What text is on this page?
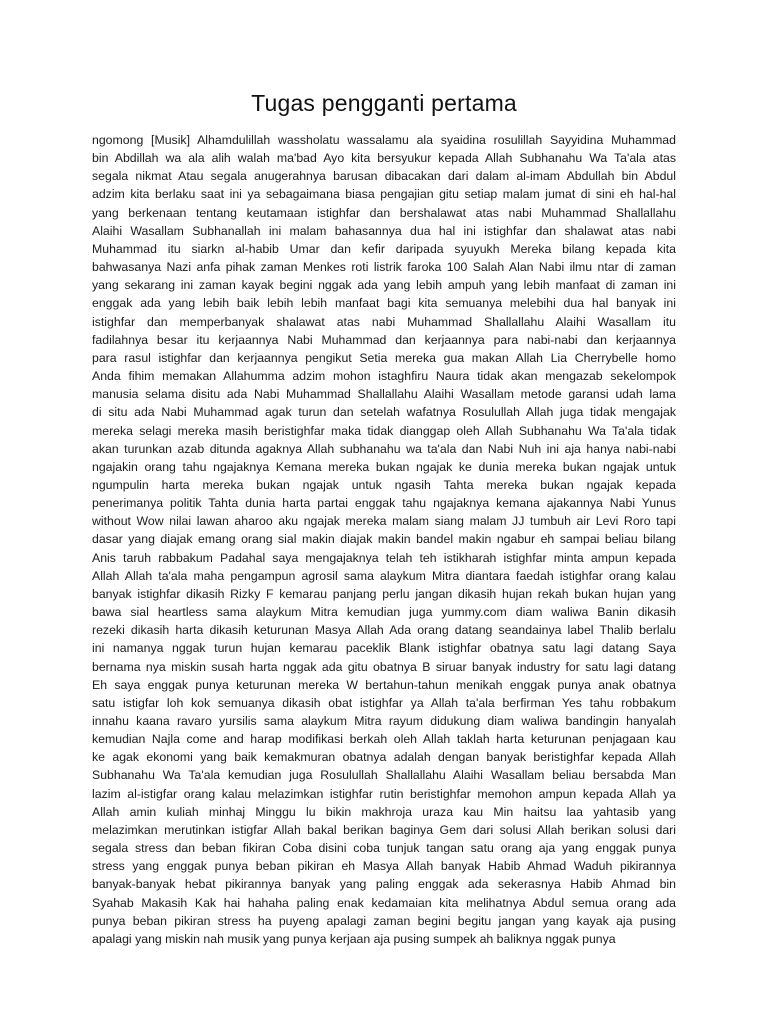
Tugas pengganti pertama
ngomong [Musik] Alhamdulillah wassholatu wassalamu ala syaidina rosulillah Sayyidina Muhammad
bin Abdillah wa ala alih walah ma'bad Ayo kita bersyukur kepada Allah Subhanahu Wa Ta'ala atas
segala nikmat Atau segala anugerahnya barusan dibacakan dari dalam al-imam Abdullah bin Abdul
adzim kita berlaku saat ini ya sebagaimana biasa pengajian gitu setiap malam jumat di sini eh hal-hal
yang berkenaan tentang keutamaan istighfar dan bershalawat atas nabi Muhammad Shallallahu
Alaihi Wasallam Subhanallah ini malam bahasannya dua hal ini istighfar dan shalawat atas nabi
Muhammad itu siarkn al-habib Umar dan kefir daripada syuyukh Mereka bilang kepada kita
bahwasanya Nazi anfa pihak zaman Menkes roti listrik faroka 100 Salah Alan Nabi ilmu ntar di zaman
yang sekarang ini zaman kayak begini nggak ada yang lebih ampuh yang lebih manfaat di zaman ini
enggak ada yang lebih baik lebih lebih manfaat bagi kita semuanya melebihi dua hal banyak ini
istighfar dan memperbanyak shalawat atas nabi Muhammad Shallallahu Alaihi Wasallam itu
fadilahnya besar itu kerjaannya Nabi Muhammad dan kerjaannya para nabi-nabi dan kerjaannya
para rasul istighfar dan kerjaannya pengikut Setia mereka gua makan Allah Lia Cherrybelle homo
Anda fihim memakan Allahumma adzim mohon istaghfiru Naura tidak akan mengazab sekelompok
manusia selama disitu ada Nabi Muhammad Shallallahu Alaihi Wasallam metode garansi udah lama
di situ ada Nabi Muhammad agak turun dan setelah wafatnya Rosulullah Allah juga tidak mengajak
mereka selagi mereka masih beristighfar maka tidak dianggap oleh Allah Subhanahu Wa Ta'ala tidak
akan turunkan azab ditunda agaknya Allah subhanahu wa ta'ala dan Nabi Nuh ini aja hanya nabi-nabi
ngajakin orang tahu ngajaknya Kemana mereka bukan ngajak ke dunia mereka bukan ngajak untuk
ngumpulin harta mereka bukan ngajak untuk ngasih Tahta mereka bukan ngajak kepada
penerimanya politik Tahta dunia harta partai enggak tahu ngajaknya kemana ajakannya Nabi Yunus
without Wow nilai lawan aharoo aku ngajak mereka malam siang malam JJ tumbuh air Levi Roro tapi
dasar yang diajak emang orang sial makin diajak makin bandel makin ngabur eh sampai beliau bilang
Anis taruh rabbakum Padahal saya mengajaknya telah teh istikharah istighfar minta ampun kepada
Allah Allah ta'ala maha pengampun agrosil sama alaykum Mitra diantara faedah istighfar orang kalau
banyak istighfar dikasih Rizky F kemarau panjang perlu jangan dikasih hujan rekah bukan hujan yang
bawa sial heartless sama alaykum Mitra kemudian juga yummy.com diam waliwa Banin dikasih
rezeki dikasih harta dikasih keturunan Masya Allah Ada orang datang seandainya label Thalib berlalu
ini namanya nggak turun hujan kemarau paceklik Blank istighfar obatnya satu lagi datang Saya
bernama nya miskin susah harta nggak ada gitu obatnya B siruar banyak industry for satu lagi datang
Eh saya enggak punya keturunan mereka W bertahun-tahun menikah enggak punya anak obatnya
satu istigfar loh kok semuanya dikasih obat istighfar ya Allah ta'ala berfirman Yes tahu robbakum
innahu kaana ravaro yursilis sama alaykum Mitra rayum didukung diam waliwa bandingin hanyalah
kemudian Najla come and harap modifikasi berkah oleh Allah taklah harta keturunan penjagaan kau
ke agak ekonomi yang baik kemakmuran obatnya adalah dengan banyak beristighfar kepada Allah
Subhanahu Wa Ta'ala kemudian juga Rosulullah Shallallahu Alaihi Wasallam beliau bersabda Man
lazim al-istigfar orang kalau melazimkan istighfar rutin beristighfar memohon ampun kepada Allah ya
Allah amin kuliah minhaj Minggu lu bikin makhroja uraza kau Min haitsu laa yahtasib yang
melazimkan merutinkan istigfar Allah bakal berikan baginya Gem dari solusi Allah berikan solusi dari
segala stress dan beban fikiran Coba disini coba tunjuk tangan satu orang aja yang enggak punya
stress yang enggak punya beban pikiran eh Masya Allah banyak Habib Ahmad Waduh pikirannya
banyak-banyak hebat pikirannya banyak yang paling enggak ada sekerasnya Habib Ahmad bin
Syahab Makasih Kak hai hahaha paling enak kedamaian kita melihatnya Abdul semua orang ada
punya beban pikiran stress ha puyeng apalagi zaman begini begitu jangan yang kayak aja pusing
apalagi yang miskin nah musik yang punya kerjaan aja pusing sumpek ah baliknya nggak punya
